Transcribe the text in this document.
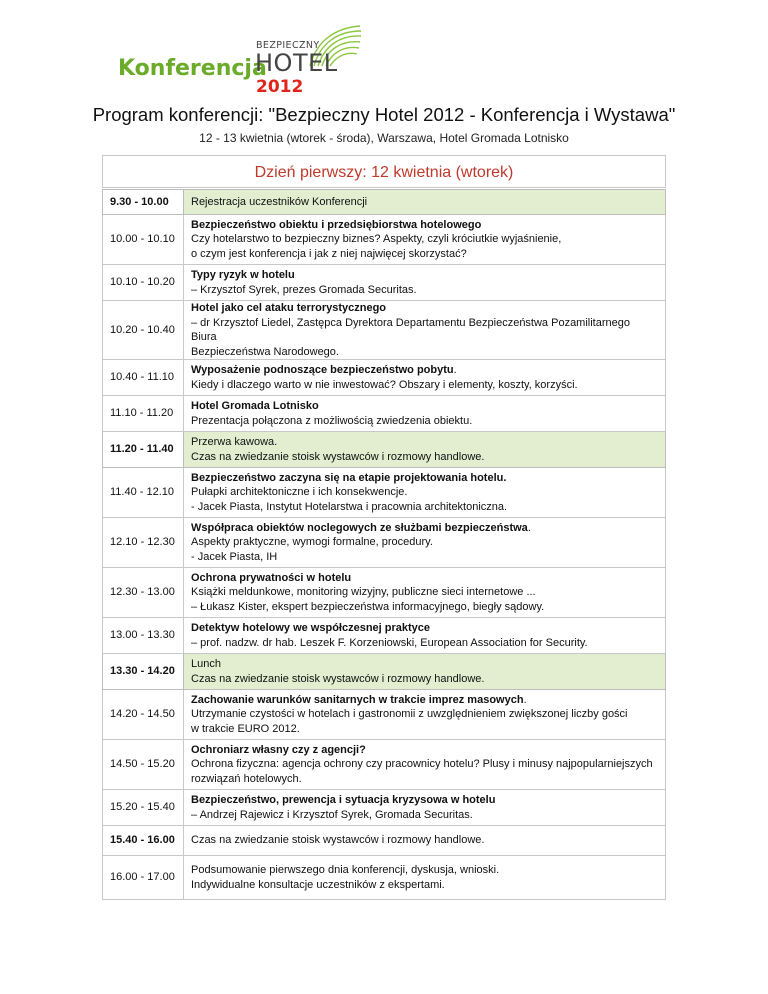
Konferencja
BEZPIECZNY
HOTEL
2012
Program konferencji: "Bezpieczny Hotel 2012 - Konferencja i Wystawa"
12 - 13 kwietnia (wtorek - środa), Warszawa, Hotel Gromada Lotnisko
Dzień pierwszy: 12 kwietnia (wtorek)
9.30 - 10.00	Rejestracja uczestników Konferencji

10.00 - 10.10	Bezpieczeństwo obiektu i przedsiębiorstwa hotelowego
Czy hotelarstwo to bezpieczny biznes? Aspekty, czyli króciutkie wyjaśnienie,
o czym jest konferencja i jak z niej najwięcej skorzystać?

10.10 - 10.20	Typy ryzyk w hotelu
– Krzysztof Syrek, prezes Gromada Securitas.

10.20 - 10.40	Hotel jako cel ataku terrorystycznego
– dr Krzysztof Liedel, Zastępca Dyrektora Departamentu Bezpieczeństwa Pozamilitarnego Biura
Bezpieczeństwa Narodowego.

10.40 - 11.10	Wyposażenie podnoszące bezpieczeństwo pobytu.
Kiedy i dlaczego warto w nie inwestować? Obszary i elementy, koszty, korzyści.

11.10 - 11.20	Hotel Gromada Lotnisko
Prezentacja połączona z możliwością zwiedzenia obiektu.

11.20 - 11.40	Przerwa kawowa.
Czas na zwiedzanie stoisk wystawców i rozmowy handlowe.

11.40 - 12.10	Bezpieczeństwo zaczyna się na etapie projektowania hotelu.
Pułapki architektoniczne i ich konsekwencje.
- Jacek Piasta, Instytut Hotelarstwa i pracownia architektoniczna.

12.10 - 12.30	Współpraca obiektów noclegowych ze służbami bezpieczeństwa.
Aspekty praktyczne, wymogi formalne, procedury.
- Jacek Piasta, IH

12.30 - 13.00	Ochrona prywatności w hotelu
Książki meldunkowe, monitoring wizyjny, publiczne sieci internetowe ...
– Łukasz Kister, ekspert bezpieczeństwa informacyjnego, biegły sądowy.

13.00 - 13.30	Detektyw hotelowy we współczesnej praktyce
– prof. nadzw. dr hab. Leszek F. Korzeniowski, European Association for Security.

13.30 - 14.20	Lunch
Czas na zwiedzanie stoisk wystawców i rozmowy handlowe.

14.20 - 14.50	Zachowanie warunków sanitarnych w trakcie imprez masowych.
Utrzymanie czystości w hotelach i gastronomii z uwzględnieniem zwiększonej liczby gości
w trakcie EURO 2012.

14.50 - 15.20	Ochroniarz własny czy z agencji?
Ochrona fizyczna: agencja ochrony czy pracownicy hotelu? Plusy i minusy najpopularniejszych
rozwiązań hotelowych.

15.20 - 15.40	Bezpieczeństwo, prewencja i sytuacja kryzysowa w hotelu
– Andrzej Rajewicz i Krzysztof Syrek, Gromada Securitas.

15.40 - 16.00	Czas na zwiedzanie stoisk wystawców i rozmowy handlowe.

16.00 - 17.00	Podsumowanie pierwszego dnia konferencji, dyskusja, wnioski.
Indywidualne konsultacje uczestników z ekspertami.
